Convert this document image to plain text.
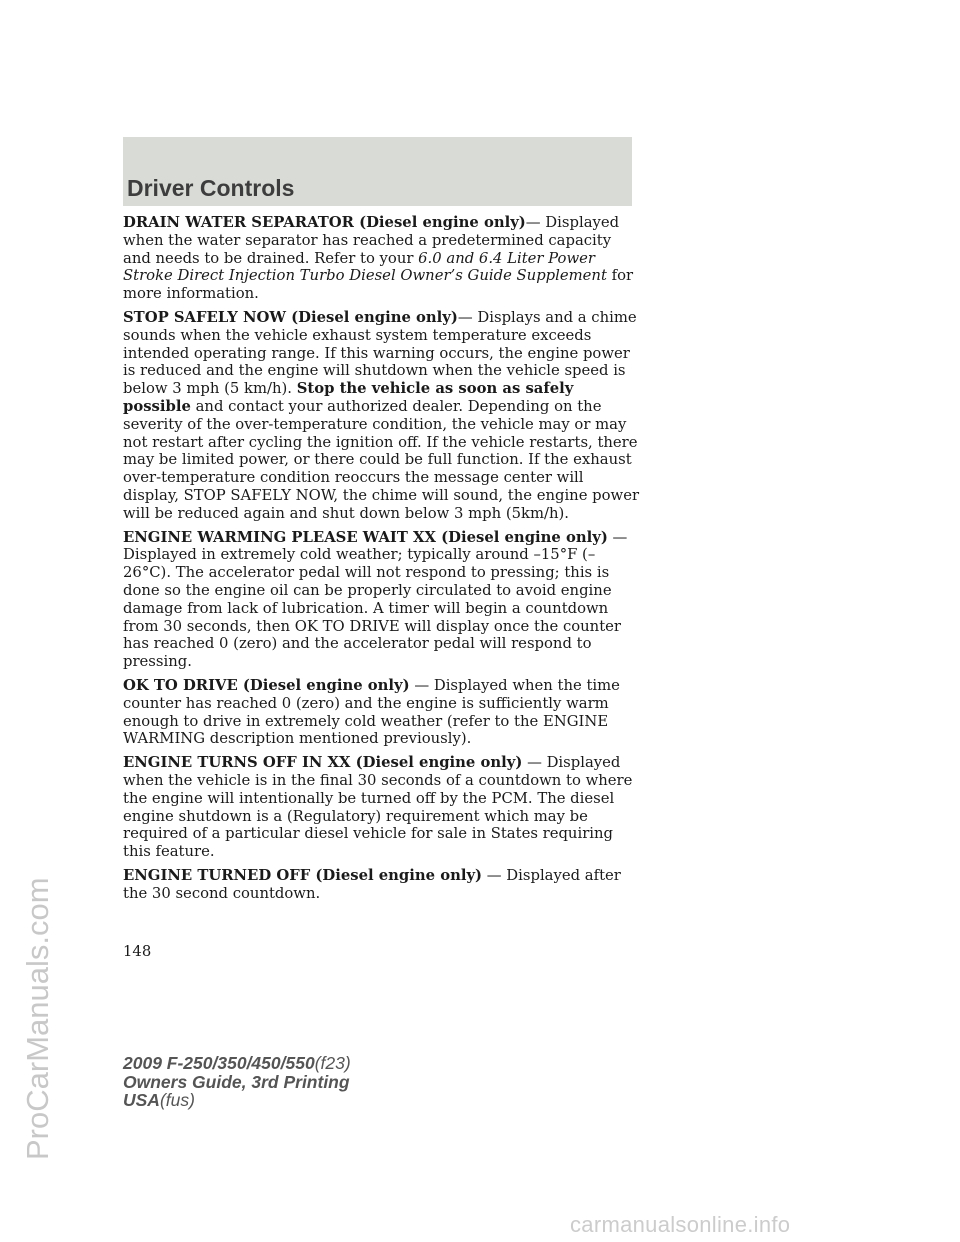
ProCarManuals.com
Driver Controls

DRAIN WATER SEPARATOR (Diesel engine only)— Displayed when the water separator has reached a predetermined capacity and needs to be drained. Refer to your 6.0 and 6.4 Liter Power Stroke Direct Injection Turbo Diesel Owner’s Guide Supplement for more information.

STOP SAFELY NOW (Diesel engine only)— Displays and a chime sounds when the vehicle exhaust system temperature exceeds intended operating range. If this warning occurs, the engine power is reduced and the engine will shutdown when the vehicle speed is below 3 mph (5 km/h). Stop the vehicle as soon as safely possible and contact your authorized dealer. Depending on the severity of the over-temperature condition, the vehicle may or may not restart after cycling the ignition off. If the vehicle restarts, there may be limited power, or there could be full function. If the exhaust over-temperature condition reoccurs the message center will display, STOP SAFELY NOW, the chime will sound, the engine power will be reduced again and shut down below 3 mph (5km/h).

ENGINE WARMING PLEASE WAIT XX (Diesel engine only) — Displayed in extremely cold weather; typically around –15°F (–26°C). The accelerator pedal will not respond to pressing; this is done so the engine oil can be properly circulated to avoid engine damage from lack of lubrication. A timer will begin a countdown from 30 seconds, then OK TO DRIVE will display once the counter has reached 0 (zero) and the accelerator pedal will respond to pressing.

OK TO DRIVE (Diesel engine only) — Displayed when the time counter has reached 0 (zero) and the engine is sufficiently warm enough to drive in extremely cold weather (refer to the ENGINE WARMING description mentioned previously).

ENGINE TURNS OFF IN XX (Diesel engine only) — Displayed when the vehicle is in the final 30 seconds of a countdown to where the engine will intentionally be turned off by the PCM. The diesel engine shutdown is a (Regulatory) requirement which may be required of a particular diesel vehicle for sale in States requiring this feature.

ENGINE TURNED OFF (Diesel engine only) — Displayed after the 30 second countdown.

148
2009 F-250/350/450/550(f23)
Owners Guide, 3rd Printing
USA(fus)
carmanualsonline.info
